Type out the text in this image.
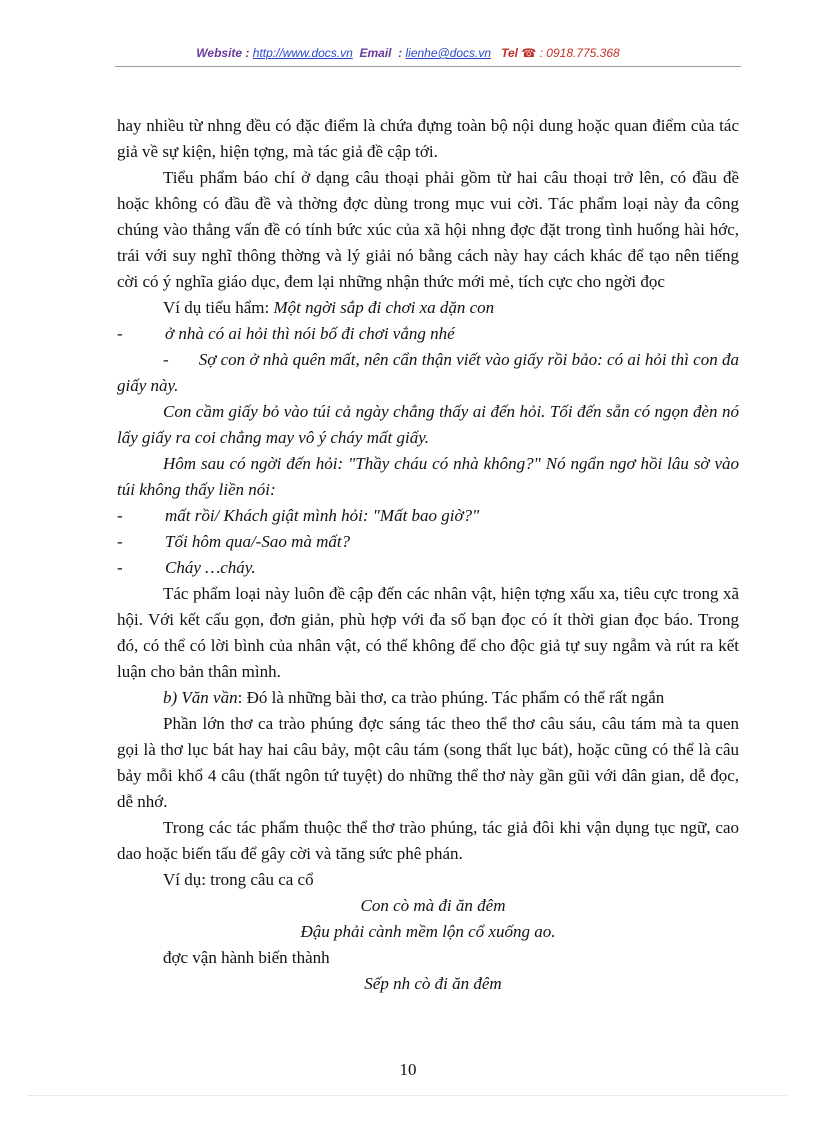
Website : http://www.docs.vn Email  : lienhe@docs.vn Tel ☎ : 0918.775.368

hay nhiều từ nhng đều có đặc điểm là chứa đựng toàn bộ nội dung hoặc quan điểm của tác giả về sự kiện, hiện tợng, mà tác giả đề cập tới.

Tiểu phẩm báo chí ở dạng câu thoại phải gồm từ hai câu thoại trở lên, có đầu đề hoặc không có đầu đề và thờng đợc dùng trong mục vui cời. Tác phẩm loại này đa công chúng vào thẳng vấn đề có tính bức xúc của xã hội nhng đợc đặt trong tình huống hài hớc, trái với suy nghĩ thông thờng và lý giải nó bằng cách này hay cách khác để tạo nên tiếng cời có ý nghĩa giáo dục, đem lại những nhận thức mới mẻ, tích cực cho ngời đọc

Ví dụ tiểu hẩm: Một ngời sắp đi chơi xa dặn con

-	ở nhà có ai hỏi thì nói bố đi chơi vắng nhé

- Sợ con ở nhà quên mất, nên cẩn thận viết vào giấy rồi bảo: có ai hỏi thì con đa giấy này.

Con cầm giấy bỏ vào túi cả ngày chẳng thấy ai đến hỏi. Tối đến sẵn có ngọn đèn nó lấy giấy ra coi chẳng may vô ý cháy mất giấy.

Hôm sau có ngời đến hỏi: "Thầy cháu có nhà không?" Nó ngẩn ngơ hồi lâu sờ vào túi không thấy liền nói:

-	mất rồi/ Khách giật mình hỏi: "Mất bao giờ?"
-	Tối hôm qua/-Sao mà mất?
-	Cháy …cháy.

Tác phẩm loại này luôn đề cập đến các nhân vật, hiện tợng xấu xa, tiêu cực trong xã hội. Với kết cấu gọn, đơn giản, phù hợp với đa số bạn đọc có ít thời gian đọc báo. Trong đó, có thể có lời bình của nhân vật, có thể không để cho độc giả tự suy ngẫm và rút ra kết luận cho bản thân mình.

b) Văn vần: Đó là những bài thơ, ca trào phúng. Tác phẩm có thể rất ngắn

Phần lớn thơ ca trào phúng đợc sáng tác theo thể thơ câu sáu, câu tám mà ta quen gọi là thơ lục bát hay hai câu bảy, một câu tám (song thất lục bát), hoặc cũng có thể là câu bảy mỗi khổ 4 câu (thất ngôn tứ tuyệt) do những thể thơ này gần gũi với dân gian, dễ đọc, dễ nhớ.

Trong các tác phẩm thuộc thể thơ trào phúng, tác giả đôi khi vận dụng tục ngữ, cao dao hoặc biến tấu để gây cời và tăng sức phê phán.

Ví dụ: trong câu ca cổ

Con cò mà đi ăn đêm

Đậu phải cành mềm lộn cổ xuống ao.

đợc vận hành biến thành

Sếp nh cò đi ăn đêm

10
